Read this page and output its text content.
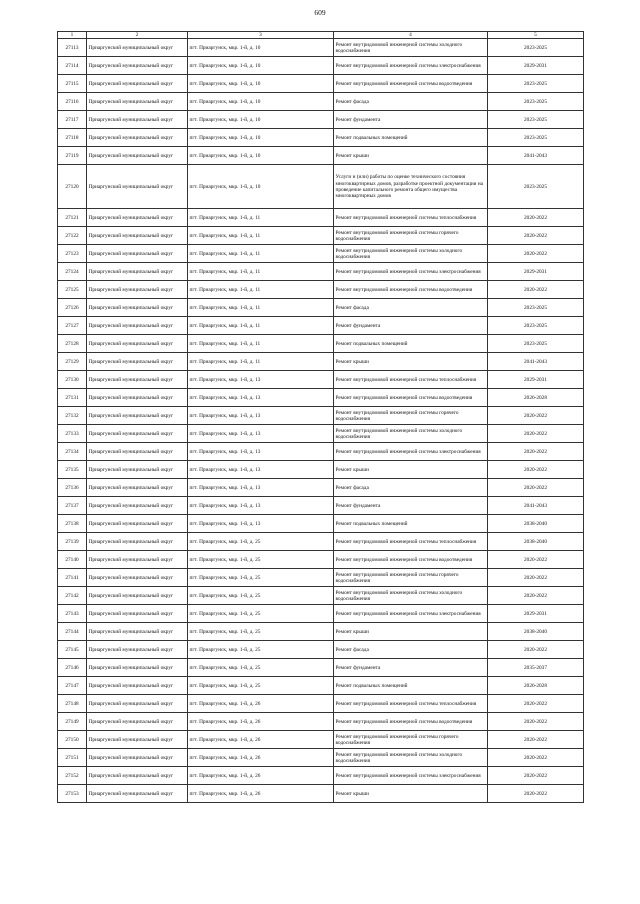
609
1	2	3	4	5
27113	Приаргунский муниципальный округ	пгт. Приаргунск, мкр. 1-й, д. 10	Ремонт внутридомовой инженерной системы холодного водоснабжения	2023-2025
27114	Приаргунский муниципальный округ	пгт. Приаргунск, мкр. 1-й, д. 10	Ремонт внутридомовой инженерной системы электроснабжения	2029-2031
27115	Приаргунский муниципальный округ	пгт. Приаргунск, мкр. 1-й, д. 10	Ремонт внутридомовой инженерной системы водоотведения	2023-2025
27116	Приаргунский муниципальный округ	пгт. Приаргунск, мкр. 1-й, д. 10	Ремонт фасада	2023-2025
27117	Приаргунский муниципальный округ	пгт. Приаргунск, мкр. 1-й, д. 10	Ремонт фундамента	2023-2025
27118	Приаргунский муниципальный округ	пгт. Приаргунск, мкр. 1-й, д. 10	Ремонт подвальных помещений	2023-2025
27119	Приаргунский муниципальный округ	пгт. Приаргунск, мкр. 1-й, д. 10	Ремонт крыши	2041-2043
27120	Приаргунский муниципальный округ	пгт. Приаргунск, мкр. 1-й, д. 10	Услуги и (или) работы по оценке технического состояния многоквартирных домов, разработке проектной документации на проведение капитального ремонта общего имущества многоквартирных домов	2023-2025
27121	Приаргунский муниципальный округ	пгт. Приаргунск, мкр. 1-й, д. 11	Ремонт внутридомовой инженерной системы теплоснабжения	2020-2022
27122	Приаргунский муниципальный округ	пгт. Приаргунск, мкр. 1-й, д. 11	Ремонт внутридомовой инженерной системы горячего водоснабжения	2020-2022
27123	Приаргунский муниципальный округ	пгт. Приаргунск, мкр. 1-й, д. 11	Ремонт внутридомовой инженерной системы холодного водоснабжения	2020-2022
27124	Приаргунский муниципальный округ	пгт. Приаргунск, мкр. 1-й, д. 11	Ремонт внутридомовой инженерной системы электроснабжения	2029-2031
27125	Приаргунский муниципальный округ	пгт. Приаргунск, мкр. 1-й, д. 11	Ремонт внутридомовой инженерной системы водоотведения	2020-2022
27126	Приаргунский муниципальный округ	пгт. Приаргунск, мкр. 1-й, д. 11	Ремонт фасада	2023-2025
27127	Приаргунский муниципальный округ	пгт. Приаргунск, мкр. 1-й, д. 11	Ремонт фундамента	2023-2025
27128	Приаргунский муниципальный округ	пгт. Приаргунск, мкр. 1-й, д. 11	Ремонт подвальных помещений	2023-2025
27129	Приаргунский муниципальный округ	пгт. Приаргунск, мкр. 1-й, д. 11	Ремонт крыши	2041-2043
27130	Приаргунский муниципальный округ	пгт. Приаргунск, мкр. 1-й, д. 13	Ремонт внутридомовой инженерной системы теплоснабжения	2029-2031
27131	Приаргунский муниципальный округ	пгт. Приаргунск, мкр. 1-й, д. 13	Ремонт внутридомовой инженерной системы водоотведения	2026-2028
27132	Приаргунский муниципальный округ	пгт. Приаргунск, мкр. 1-й, д. 13	Ремонт внутридомовой инженерной системы горячего водоснабжения	2020-2022
27133	Приаргунский муниципальный округ	пгт. Приаргунск, мкр. 1-й, д. 13	Ремонт внутридомовой инженерной системы холодного водоснабжения	2020-2022
27134	Приаргунский муниципальный округ	пгт. Приаргунск, мкр. 1-й, д. 13	Ремонт внутридомовой инженерной системы электроснабжения	2020-2022
27135	Приаргунский муниципальный округ	пгт. Приаргунск, мкр. 1-й, д. 13	Ремонт крыши	2020-2022
27136	Приаргунский муниципальный округ	пгт. Приаргунск, мкр. 1-й, д. 13	Ремонт фасада	2020-2022
27137	Приаргунский муниципальный округ	пгт. Приаргунск, мкр. 1-й, д. 13	Ремонт фундамента	2041-2043
27138	Приаргунский муниципальный округ	пгт. Приаргунск, мкр. 1-й, д. 13	Ремонт подвальных помещений	2038-2040
27139	Приаргунский муниципальный округ	пгт. Приаргунск, мкр. 1-й, д. 25	Ремонт внутридомовой инженерной системы теплоснабжения	2038-2040
27140	Приаргунский муниципальный округ	пгт. Приаргунск, мкр. 1-й, д. 25	Ремонт внутридомовой инженерной системы водоотведения	2020-2022
27141	Приаргунский муниципальный округ	пгт. Приаргунск, мкр. 1-й, д. 25	Ремонт внутридомовой инженерной системы горячего водоснабжения	2020-2022
27142	Приаргунский муниципальный округ	пгт. Приаргунск, мкр. 1-й, д. 25	Ремонт внутридомовой инженерной системы холодного водоснабжения	2020-2022
27143	Приаргунский муниципальный округ	пгт. Приаргунск, мкр. 1-й, д. 25	Ремонт внутридомовой инженерной системы электроснабжения	2029-2031
27144	Приаргунский муниципальный округ	пгт. Приаргунск, мкр. 1-й, д. 25	Ремонт крыши	2038-2040
27145	Приаргунский муниципальный округ	пгт. Приаргунск, мкр. 1-й, д. 25	Ремонт фасада	2020-2022
27146	Приаргунский муниципальный округ	пгт. Приаргунск, мкр. 1-й, д. 25	Ремонт фундамента	2035-2037
27147	Приаргунский муниципальный округ	пгт. Приаргунск, мкр. 1-й, д. 25	Ремонт подвальных помещений	2026-2028
27148	Приаргунский муниципальный округ	пгт. Приаргунск, мкр. 1-й, д. 26	Ремонт внутридомовой инженерной системы теплоснабжения	2020-2022
27149	Приаргунский муниципальный округ	пгт. Приаргунск, мкр. 1-й, д. 26	Ремонт внутридомовой инженерной системы водоотведения	2020-2022
27150	Приаргунский муниципальный округ	пгт. Приаргунск, мкр. 1-й, д. 26	Ремонт внутридомовой инженерной системы горячего водоснабжения	2020-2022
27151	Приаргунский муниципальный округ	пгт. Приаргунск, мкр. 1-й, д. 26	Ремонт внутридомовой инженерной системы холодного водоснабжения	2020-2022
27152	Приаргунский муниципальный округ	пгт. Приаргунск, мкр. 1-й, д. 26	Ремонт внутридомовой инженерной системы электроснабжения	2020-2022
27153	Приаргунский муниципальный округ	пгт. Приаргунск, мкр. 1-й, д. 26	Ремонт крыши	2020-2022
